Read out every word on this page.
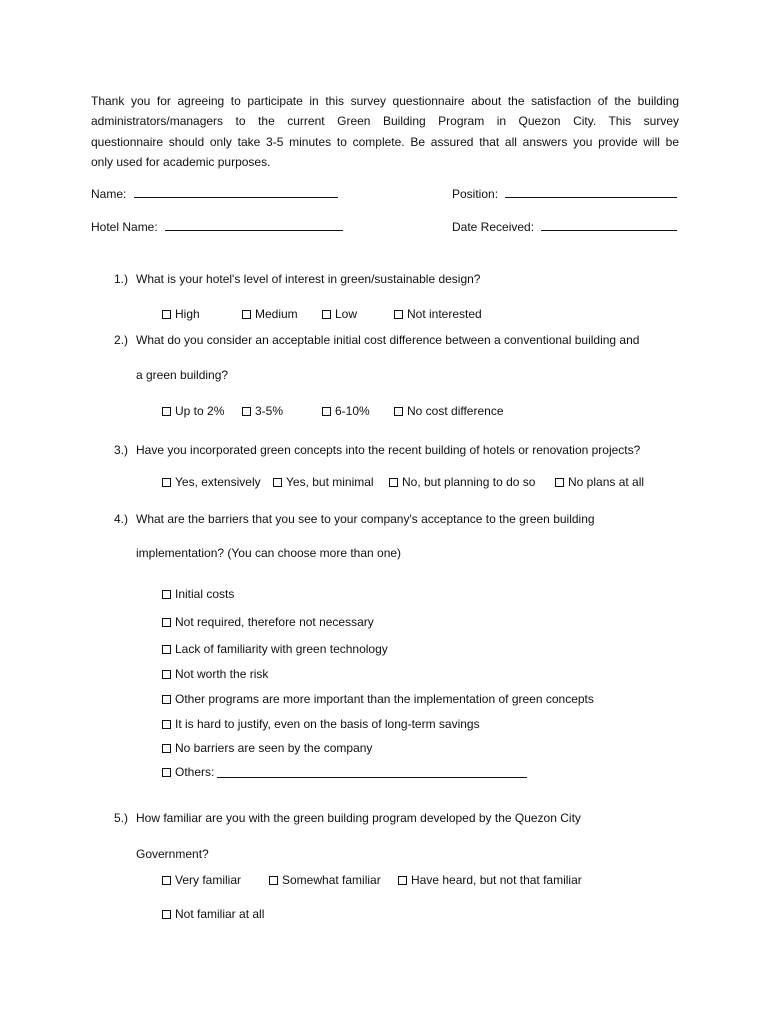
Thank you for agreeing to participate in this survey questionnaire about the satisfaction of the building
administrators/managers to the current Green Building Program in Quezon City. This survey
questionnaire should only take 3-5 minutes to complete. Be assured that all answers you provide will be
only used for academic purposes.
Name:	Position:
Hotel Name:	Date Received:
1.) What is your hotel's level of interest in green/sustainable design?
High	Medium	Low	Not interested
2.) What do you consider an acceptable initial cost difference between a conventional building and
a green building?
Up to 2%	3-5%	6-10%	No cost difference
3.) Have you incorporated green concepts into the recent building of hotels or renovation projects?
Yes, extensively Yes, but minimal No, but planning to do so	No plans at all
4.) What are the barriers that you see to your company's acceptance to the green building
implementation? (You can choose more than one)
Initial costs
Not required, therefore not necessary
Lack of familiarity with green technology
Not worth the risk
Other programs are more important than the implementation of green concepts
It is hard to justify, even on the basis of long-term savings
No barriers are seen by the company
Others:
5.) How familiar are you with the green building program developed by the Quezon City
Government?
Very familiar	Somewhat familiar	Have heard, but not that familiar
Not familiar at all
